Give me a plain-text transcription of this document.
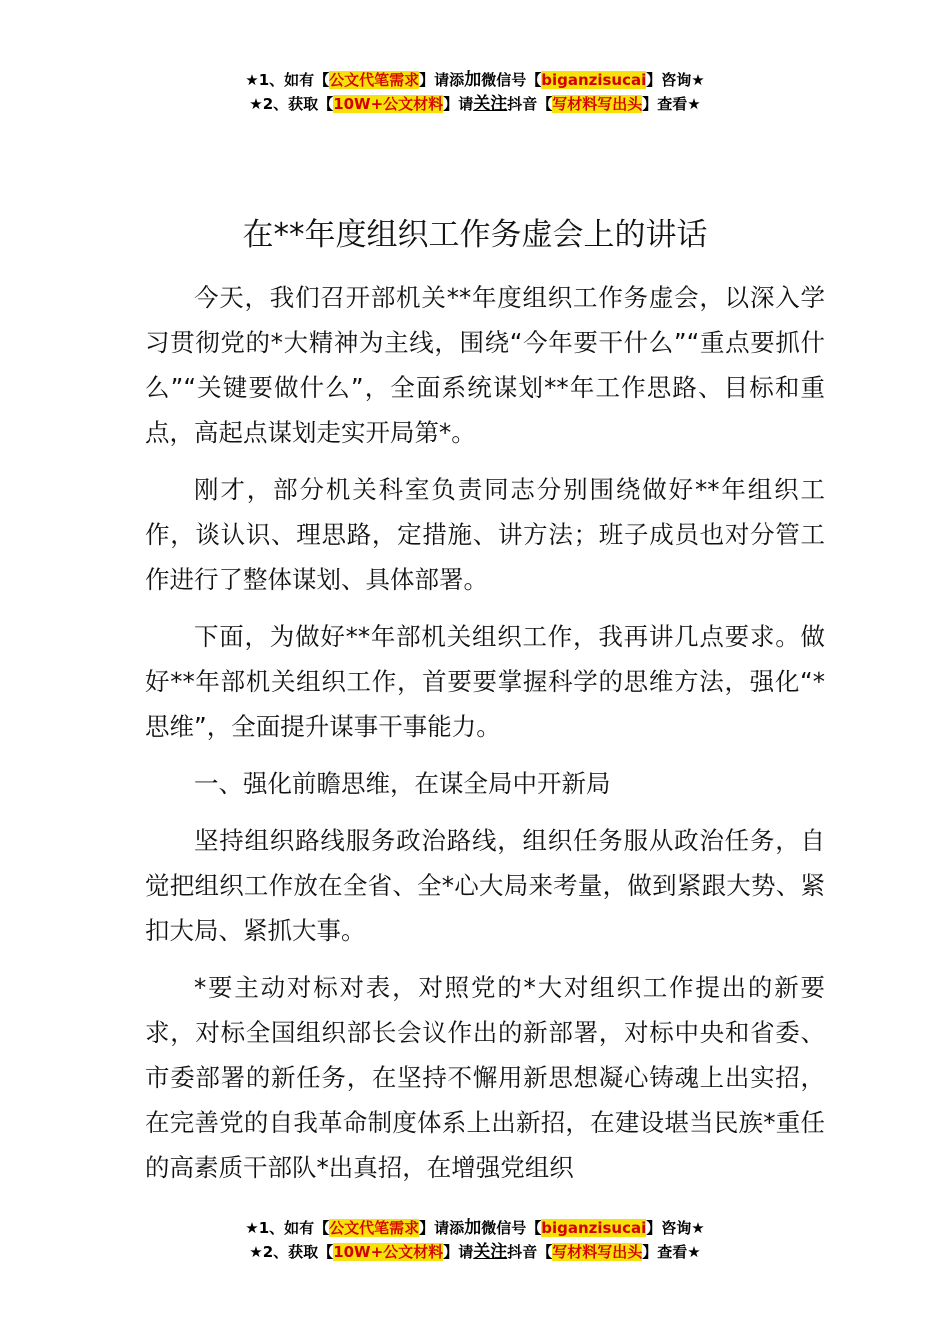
★1、如有【公文代笔需求】请添加微信号【biganzisucai】咨询★
★2、获取【10W+公文材料】请关注抖音【写材料写出头】查看★
在**年度组织工作务虚会上的讲话

今天，我们召开部机关**年度组织工作务虚会，以深入学习贯彻党的*大精神为主线，围绕“今年要干什么”“重点要抓什么”“关键要做什么”，全面系统谋划**年工作思路、目标和重点，高起点谋划走实开局第*。

刚才，部分机关科室负责同志分别围绕做好**年组织工作，谈认识、理思路，定措施、讲方法；班子成员也对分管工作进行了整体谋划、具体部署。

下面，为做好**年部机关组织工作，我再讲几点要求。做好**年部机关组织工作，首要要掌握科学的思维方法，强化“*思维”，全面提升谋事干事能力。

一、强化前瞻思维，在谋全局中开新局

坚持组织路线服务政治路线，组织任务服从政治任务，自觉把组织工作放在全省、全*心大局来考量，做到紧跟大势、紧扣大局、紧抓大事。

*要主动对标对表，对照党的*大对组织工作提出的新要求，对标全国组织部长会议作出的新部署，对标中央和省委、市委部署的新任务，在坚持不懈用新思想凝心铸魂上出实招，在完善党的自我革命制度体系上出新招，在建设堪当民族*重任的高素质干部队*出真招，在增强党组织

★1、如有【公文代笔需求】请添加微信号【biganzisucai】咨询★
★2、获取【10W+公文材料】请关注抖音【写材料写出头】查看★
